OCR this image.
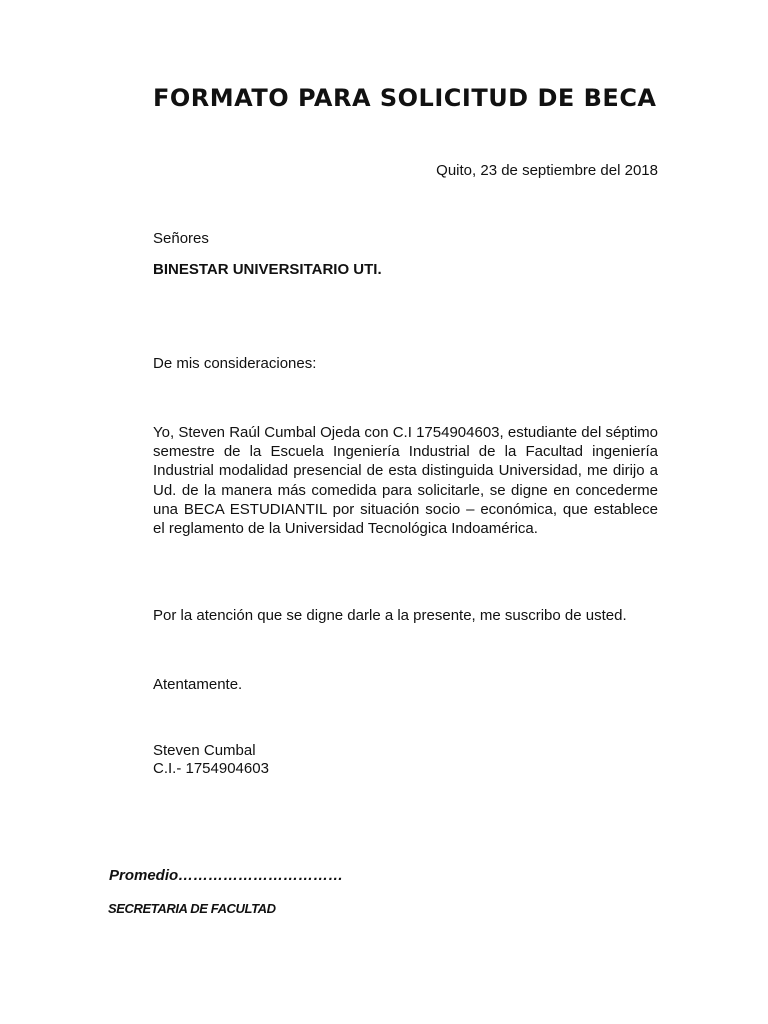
FORMATO PARA SOLICITUD DE BECA
Quito, 23 de septiembre del 2018
Señores
BINESTAR UNIVERSITARIO UTI.
De mis consideraciones:

Yo, Steven Raúl Cumbal Ojeda con C.I 1754904603, estudiante del séptimo semestre de la Escuela Ingeniería Industrial de la Facultad ingeniería Industrial modalidad presencial de esta distinguida Universidad, me dirijo a Ud. de la manera más comedida para solicitarle, se digne en concederme una BECA ESTUDIANTIL por situación socio – económica, que establece el reglamento de la Universidad Tecnológica Indoamérica.

Por la atención que se digne darle a la presente, me suscribo de usted.
Atentamente.
Steven Cumbal
C.I.- 1754904603
Promedio……………………………
SECRETARIA DE FACULTAD
